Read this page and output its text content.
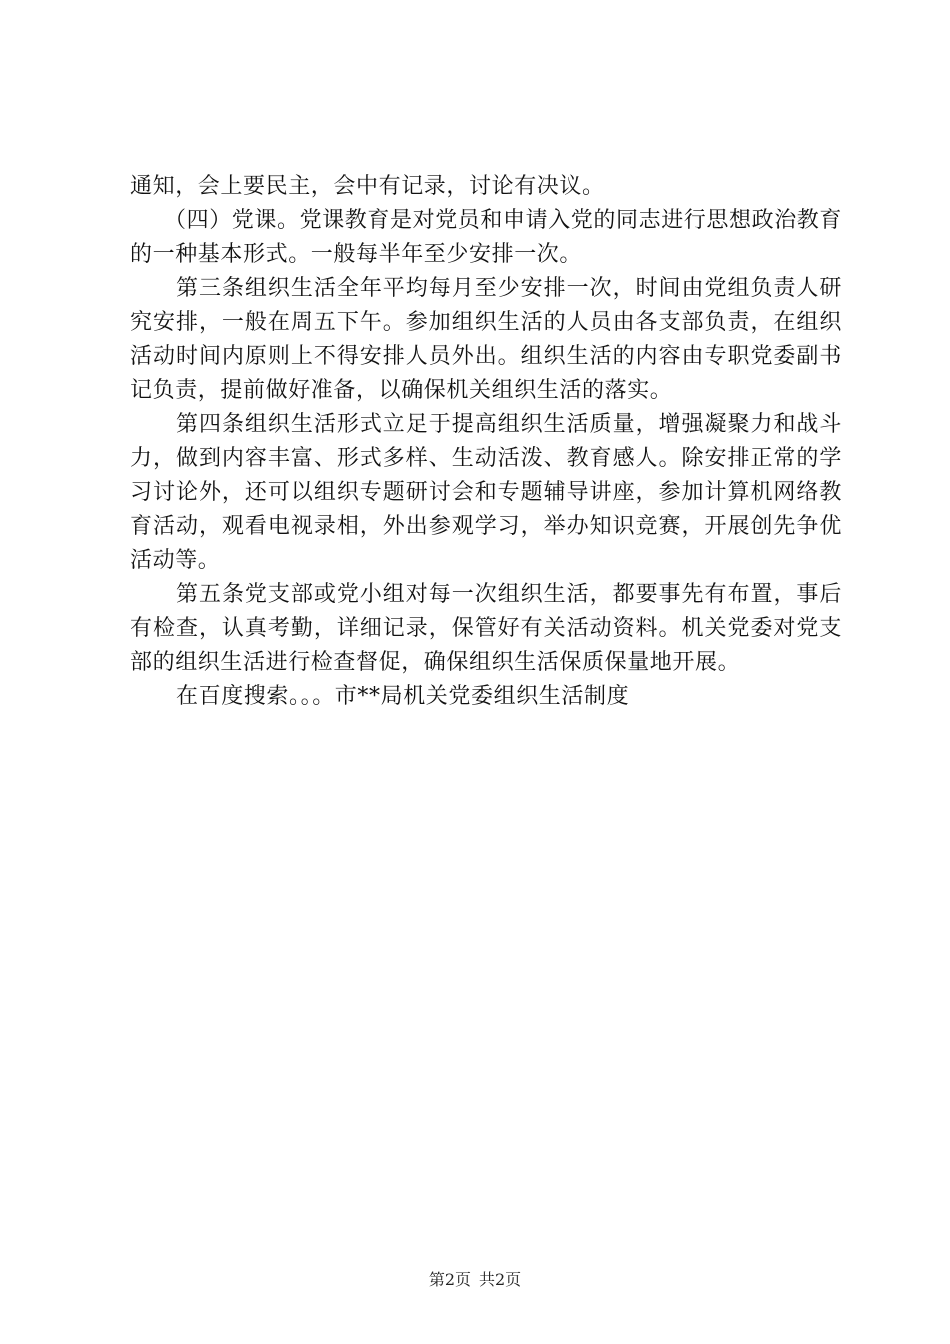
通知，会上要民主，会中有记录，讨论有决议。

（四）党课。党课教育是对党员和申请入党的同志进行思想政治教育的一种基本形式。一般每半年至少安排一次。

第三条组织生活全年平均每月至少安排一次，时间由党组负责人研究安排，一般在周五下午。参加组织生活的人员由各支部负责，在组织活动时间内原则上不得安排人员外出。组织生活的内容由专职党委副书记负责，提前做好准备，以确保机关组织生活的落实。

第四条组织生活形式立足于提高组织生活质量，增强凝聚力和战斗力，做到内容丰富、形式多样、生动活泼、教育感人。除安排正常的学习讨论外，还可以组织专题研讨会和专题辅导讲座，参加计算机网络教育活动，观看电视录相，外出参观学习，举办知识竞赛，开展创先争优活动等。

第五条党支部或党小组对每一次组织生活，都要事先有布置，事后有检查，认真考勤，详细记录，保管好有关活动资料。机关党委对党支部的组织生活进行检查督促，确保组织生活保质保量地开展。

在百度搜索。。。市**局机关党委组织生活制度

第2页 共2页
